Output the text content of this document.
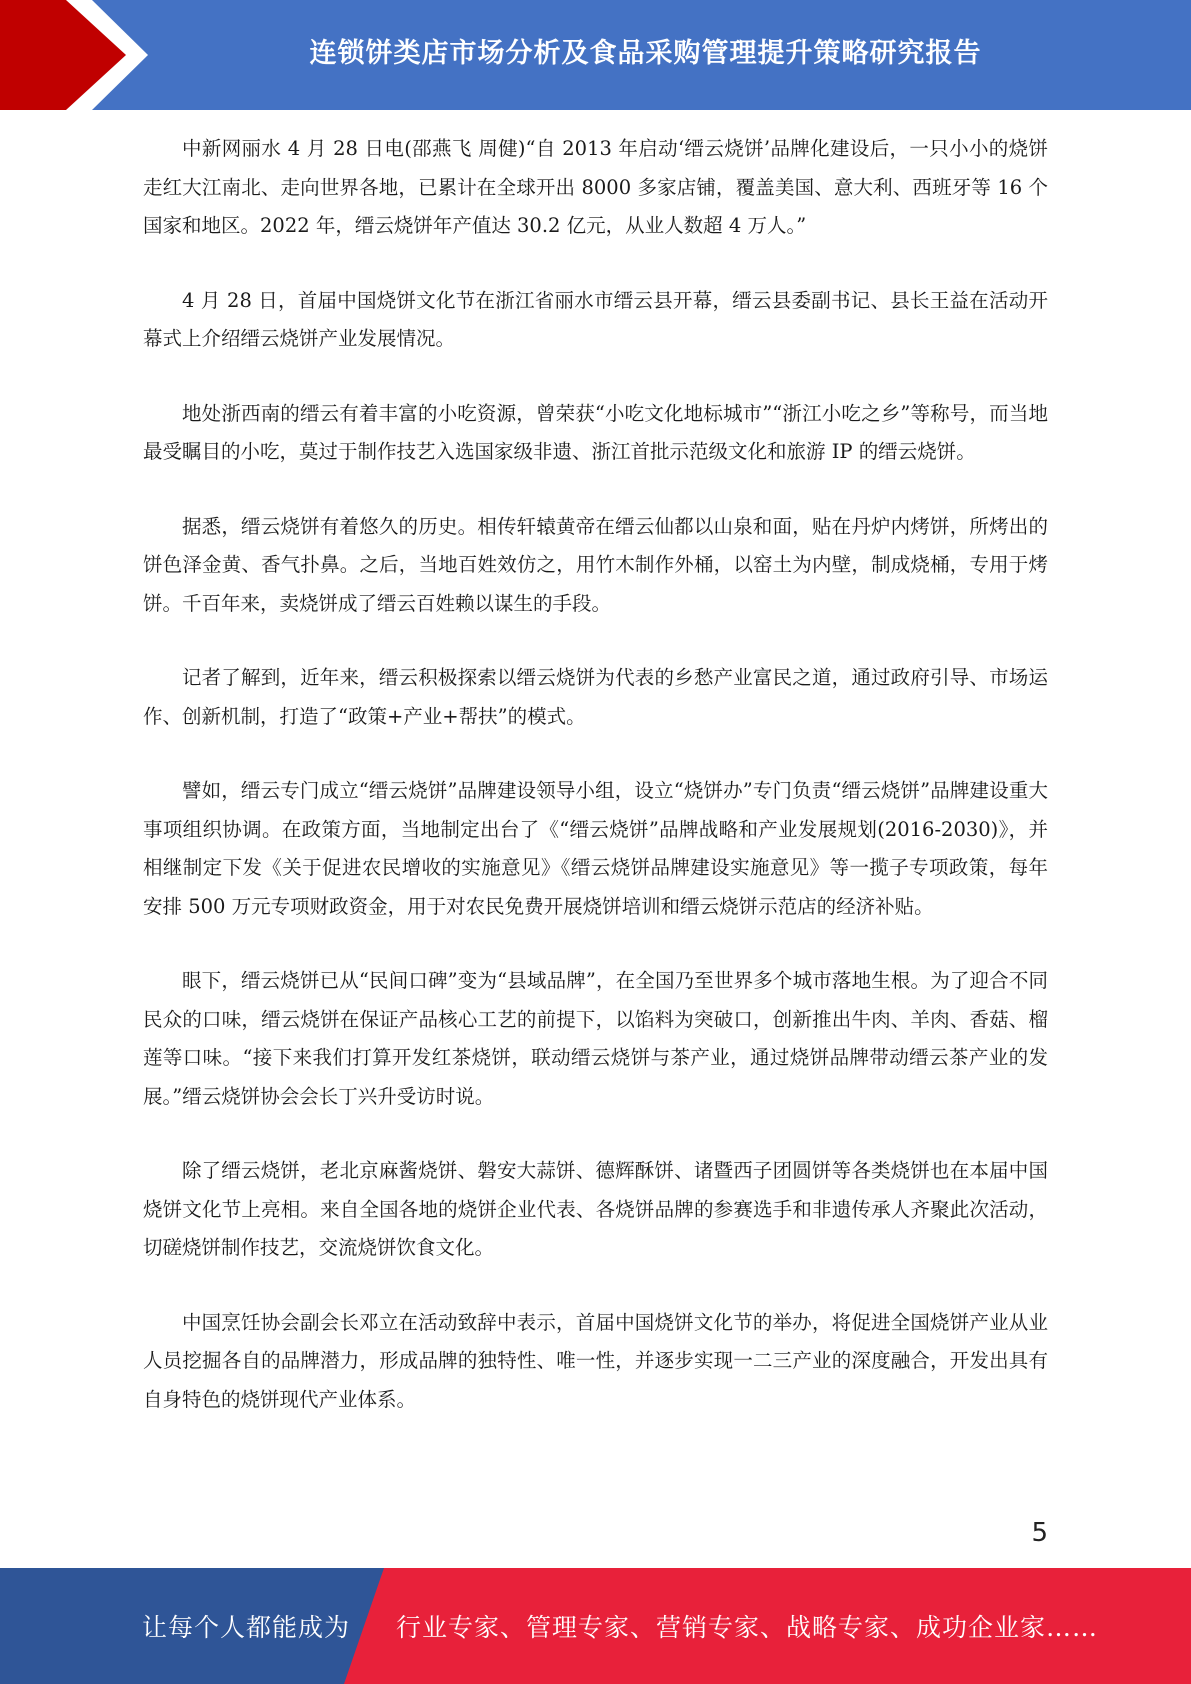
连锁饼类店市场分析及食品采购管理提升策略研究报告

中新网丽水 4 月 28 日电(邵燕飞 周健)“自 2013 年启动‘缙云烧饼’品牌化建设后，一只小小的烧饼走红大江南北、走向世界各地，已累计在全球开出 8000 多家店铺，覆盖美国、意大利、西班牙等 16 个国家和地区。2022 年，缙云烧饼年产值达 30.2 亿元，从业人数超 4 万人。”

4 月 28 日，首届中国烧饼文化节在浙江省丽水市缙云县开幕，缙云县委副书记、县长王益在活动开幕式上介绍缙云烧饼产业发展情况。

地处浙西南的缙云有着丰富的小吃资源，曾荣获“小吃文化地标城市”“浙江小吃之乡”等称号，而当地最受瞩目的小吃，莫过于制作技艺入选国家级非遗、浙江首批示范级文化和旅游 IP 的缙云烧饼。

据悉，缙云烧饼有着悠久的历史。相传轩辕黄帝在缙云仙都以山泉和面，贴在丹炉内烤饼，所烤出的饼色泽金黄、香气扑鼻。之后，当地百姓效仿之，用竹木制作外桶，以窑土为内壁，制成烧桶，专用于烤饼。千百年来，卖烧饼成了缙云百姓赖以谋生的手段。

记者了解到，近年来，缙云积极探索以缙云烧饼为代表的乡愁产业富民之道，通过政府引导、市场运作、创新机制，打造了“政策+产业+帮扶”的模式。

譬如，缙云专门成立“缙云烧饼”品牌建设领导小组，设立“烧饼办”专门负责“缙云烧饼”品牌建设重大事项组织协调。在政策方面，当地制定出台了《“缙云烧饼”品牌战略和产业发展规划(2016-2030)》，并相继制定下发《关于促进农民增收的实施意见》《缙云烧饼品牌建设实施意见》等一揽子专项政策，每年安排 500 万元专项财政资金，用于对农民免费开展烧饼培训和缙云烧饼示范店的经济补贴。

眼下，缙云烧饼已从“民间口碑”变为“县域品牌”，在全国乃至世界多个城市落地生根。为了迎合不同民众的口味，缙云烧饼在保证产品核心工艺的前提下，以馅料为突破口，创新推出牛肉、羊肉、香菇、榴莲等口味。“接下来我们打算开发红茶烧饼，联动缙云烧饼与茶产业，通过烧饼品牌带动缙云茶产业的发展。”缙云烧饼协会会长丁兴升受访时说。

除了缙云烧饼，老北京麻酱烧饼、磐安大蒜饼、德辉酥饼、诸暨西子团圆饼等各类烧饼也在本届中国烧饼文化节上亮相。来自全国各地的烧饼企业代表、各烧饼品牌的参赛选手和非遗传承人齐聚此次活动，切磋烧饼制作技艺，交流烧饼饮食文化。

中国烹饪协会副会长邓立在活动致辞中表示，首届中国烧饼文化节的举办，将促进全国烧饼产业从业人员挖掘各自的品牌潜力，形成品牌的独特性、唯一性，并逐步实现一二三产业的深度融合，开发出具有自身特色的烧饼现代产业体系。

5
让每个人都能成为 行业专家、管理专家、营销专家、战略专家、成功企业家……
